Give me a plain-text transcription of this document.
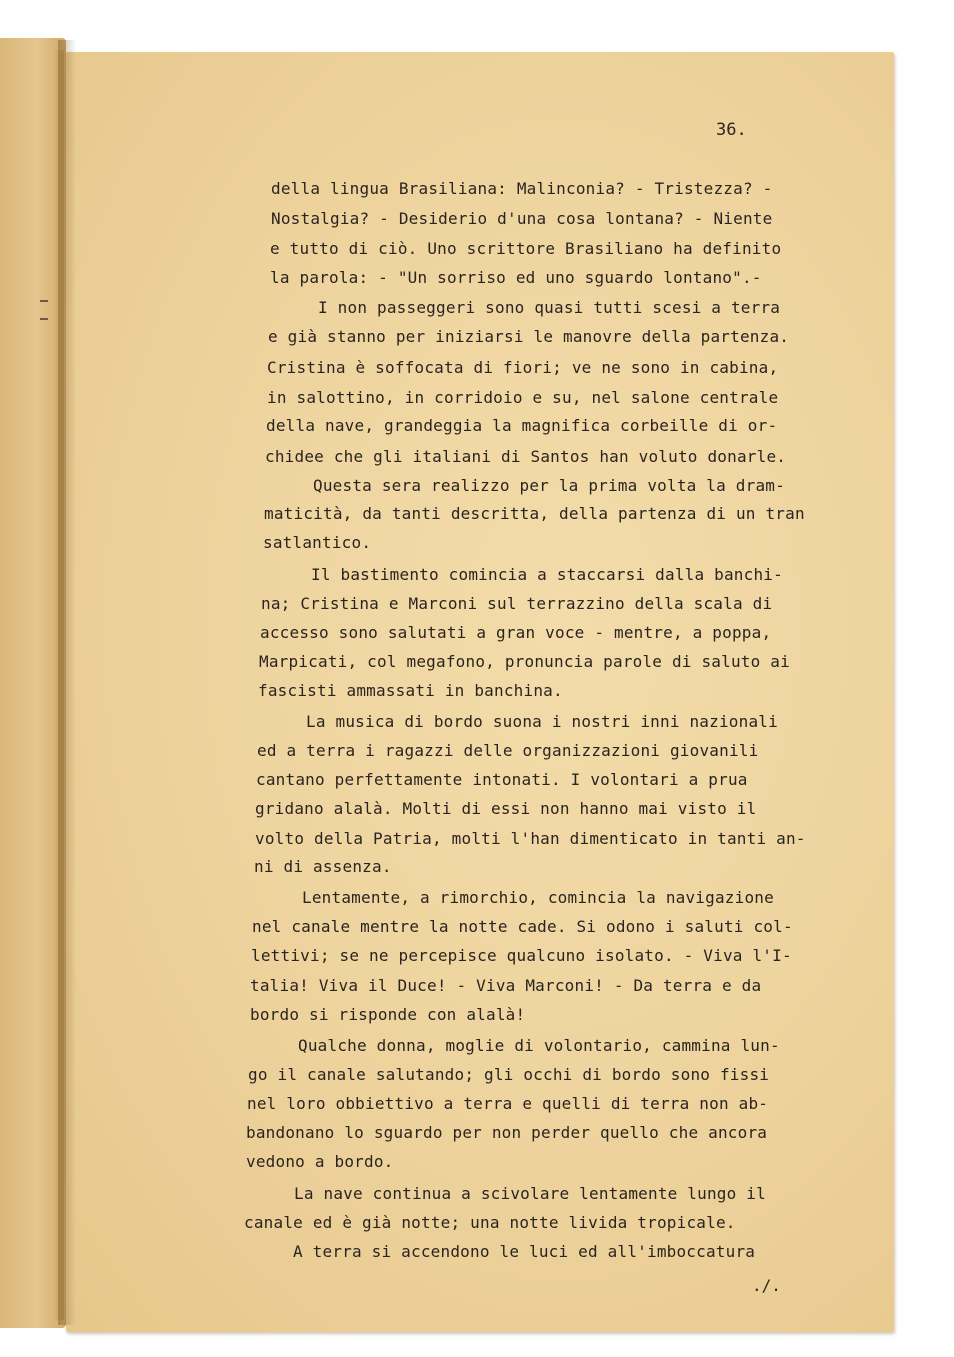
36.
della lingua Brasiliana: Malinconia? - Tristezza? -
Nostalgia? - Desiderio d'una cosa lontana? - Niente
e tutto di ciò. Uno scrittore Brasiliano ha definito
la parola: - "Un sorriso ed uno sguardo lontano".-
I non passeggeri sono quasi tutti scesi a terra
e già stanno per iniziarsi le manovre della partenza.
Cristina è soffocata di fiori; ve ne sono in cabina,
in salottino, in corridoio e su, nel salone centrale
della nave, grandeggia la magnifica corbeille di or-
chidee che gli italiani di Santos han voluto donarle.
Questa sera realizzo per la prima volta la dram-
maticità, da tanti descritta, della partenza di un tran
satlantico.
Il bastimento comincia a staccarsi dalla banchi-
na; Cristina e Marconi sul terrazzino della scala di
accesso sono salutati a gran voce - mentre, a poppa,
Marpicati, col megafono, pronuncia parole di saluto ai
fascisti ammassati in banchina.
La musica di bordo suona i nostri inni nazionali
ed a terra i ragazzi delle organizzazioni giovanili
cantano perfettamente intonati. I volontari a prua
gridano alalà. Molti di essi non hanno mai visto il
volto della Patria, molti l'han dimenticato in tanti an-
ni di assenza.
Lentamente, a rimorchio, comincia la navigazione
nel canale mentre la notte cade. Si odono i saluti col-
lettivi; se ne percepisce qualcuno isolato. - Viva l'I-
talia! Viva il Duce! - Viva Marconi! - Da terra e da
bordo si risponde con alalà!
Qualche donna, moglie di volontario, cammina lun-
go il canale salutando; gli occhi di bordo sono fissi
nel loro obbiettivo a terra e quelli di terra non ab-
bandonano lo sguardo per non perder quello che ancora
vedono a bordo.
La nave continua a scivolare lentamente lungo il
canale ed è già notte; una notte livida tropicale.
A terra si accendono le luci ed all'imboccatura
./.
